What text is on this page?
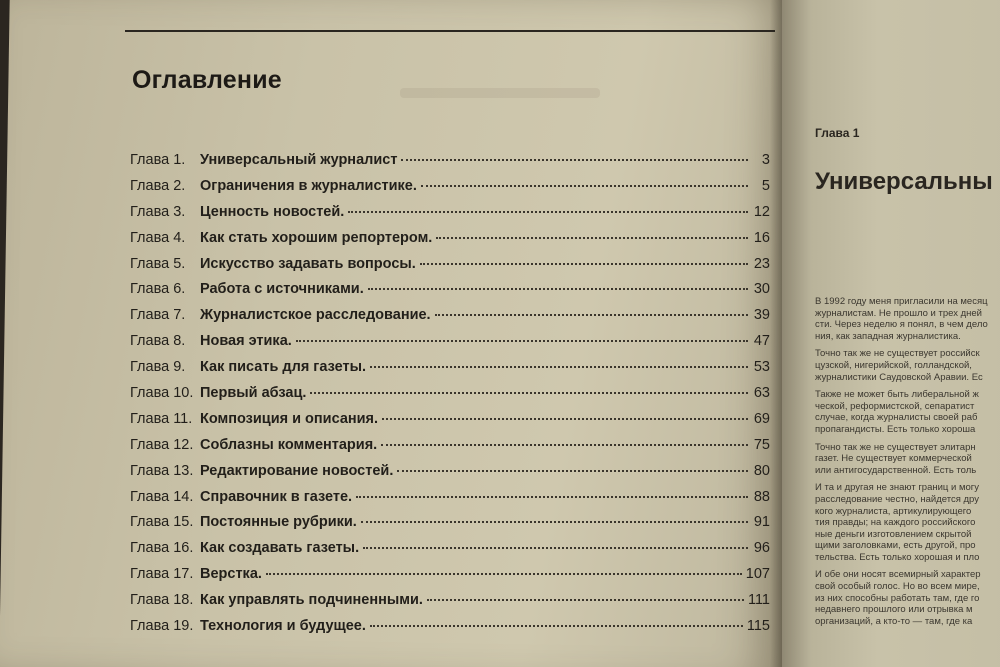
Оглавление
Глава 1.	Универсальный журналист	3
Глава 2.	Ограничения в журналистике.	5
Глава 3.	Ценность новостей.	12
Глава 4.	Как стать хорошим репортером.	16
Глава 5.	Искусство задавать вопросы.	23
Глава 6.	Работа с источниками.	30
Глава 7.	Журналистское расследование.	39
Глава 8.	Новая этика.	47
Глава 9.	Как писать для газеты.	53
Глава 10. Первый абзац.	63
Глава 11. Композиция и описания.	69
Глава 12. Соблазны комментария.	75
Глава 13. Редактирование новостей.	80
Глава 14. Справочник в газете.	88
Глава 15. Постоянные рубрики.	91
Глава 16. Как создавать газеты.	96
Глава 17. Верстка.	107
Глава 18. Как управлять подчиненными.	111
Глава 19. Технология и будущее.	115
Глава 1
Универсальны

В 1992 году меня пригласили на месяц
журналистам. Не прошло и трех дней
сти. Через неделю я понял, в чем дело
ния, как западная журналистика.

Точно так же не существует российск
цузской, нигерийской, голландской,
журналистики Саудовской Аравии. Ес

Также не может быть либеральной ж
ческой, реформистской, сепаратист
случае, когда журналисты своей раб
пропагандисты. Есть только хороша

Точно так же не существует элитарн
газет. Не существует коммерческой
или антигосударственной. Есть толь

И та и другая не знают границ и могу
расследование честно, найдется дру
кого журналиста, артикулирующего
тия правды; на каждого российского
ные деньги изготовлением скрытой
щими заголовками, есть другой, про
тельства. Есть только хорошая и пло

И обе они носят всемирный характер
свой особый голос. Но во всем мире,
из них способны работать там, где го
недавнего прошлого или отрывка м
организаций, а кто-то — там, где ка
